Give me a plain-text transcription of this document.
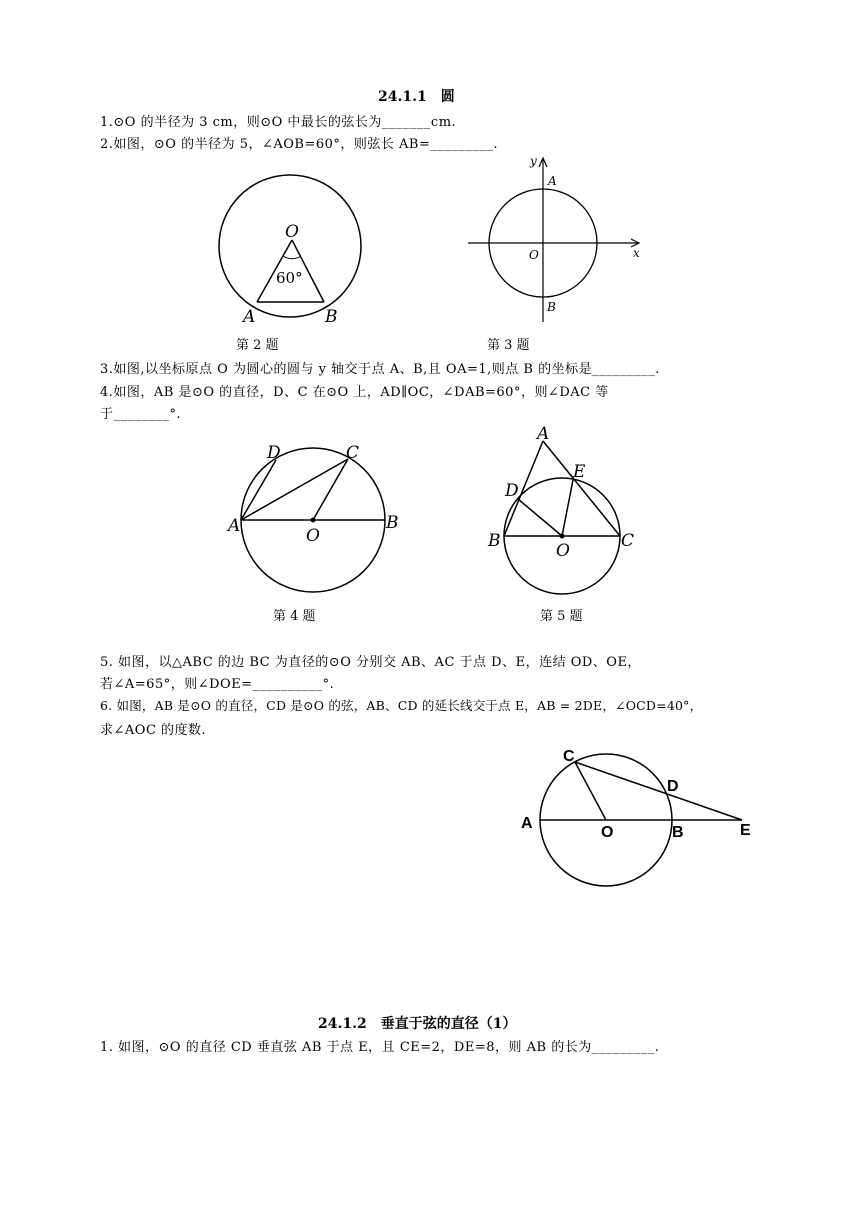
24.1.1　圆
1.⊙O 的半径为 3 cm，则⊙O 中最长的弦长为_______cm.
2.如图，⊙O 的半径为 5，∠AOB=60°，则弦长 AB=_________.
O
60°
A	B
y
x
A
O
B
第 2 题	第 3 题
3.如图,以坐标原点 O 为圆心的圆与 y 轴交于点 A、B,且 OA=1,则点 B 的坐标是_________.
4.如图，AB 是⊙O 的直径，D、C 在⊙O 上，AD∥OC，∠DAB=60°，则∠DAC 等
于________°.
D	C
A	O
B
A
E
D
B	O	C
第 4 题	第 5 题
5. 如图，以△ABC 的边 BC 为直径的⊙O 分别交 AB、AC 于点 D、E，连结 OD、OE，
若∠A=65°，则∠DOE=__________°.
6. 如图，AB 是⊙O 的直径，CD 是⊙O 的弦，AB、CD 的延长线交于点 E，AB = 2DE，∠OCD=40°，
求∠AOC 的度数.
C
D
A
O	B	E
24.1.2　垂直于弦的直径（1）
1. 如图，⊙O 的直径 CD 垂直弦 AB 于点 E，且 CE=2，DE=8，则 AB 的长为_________.
